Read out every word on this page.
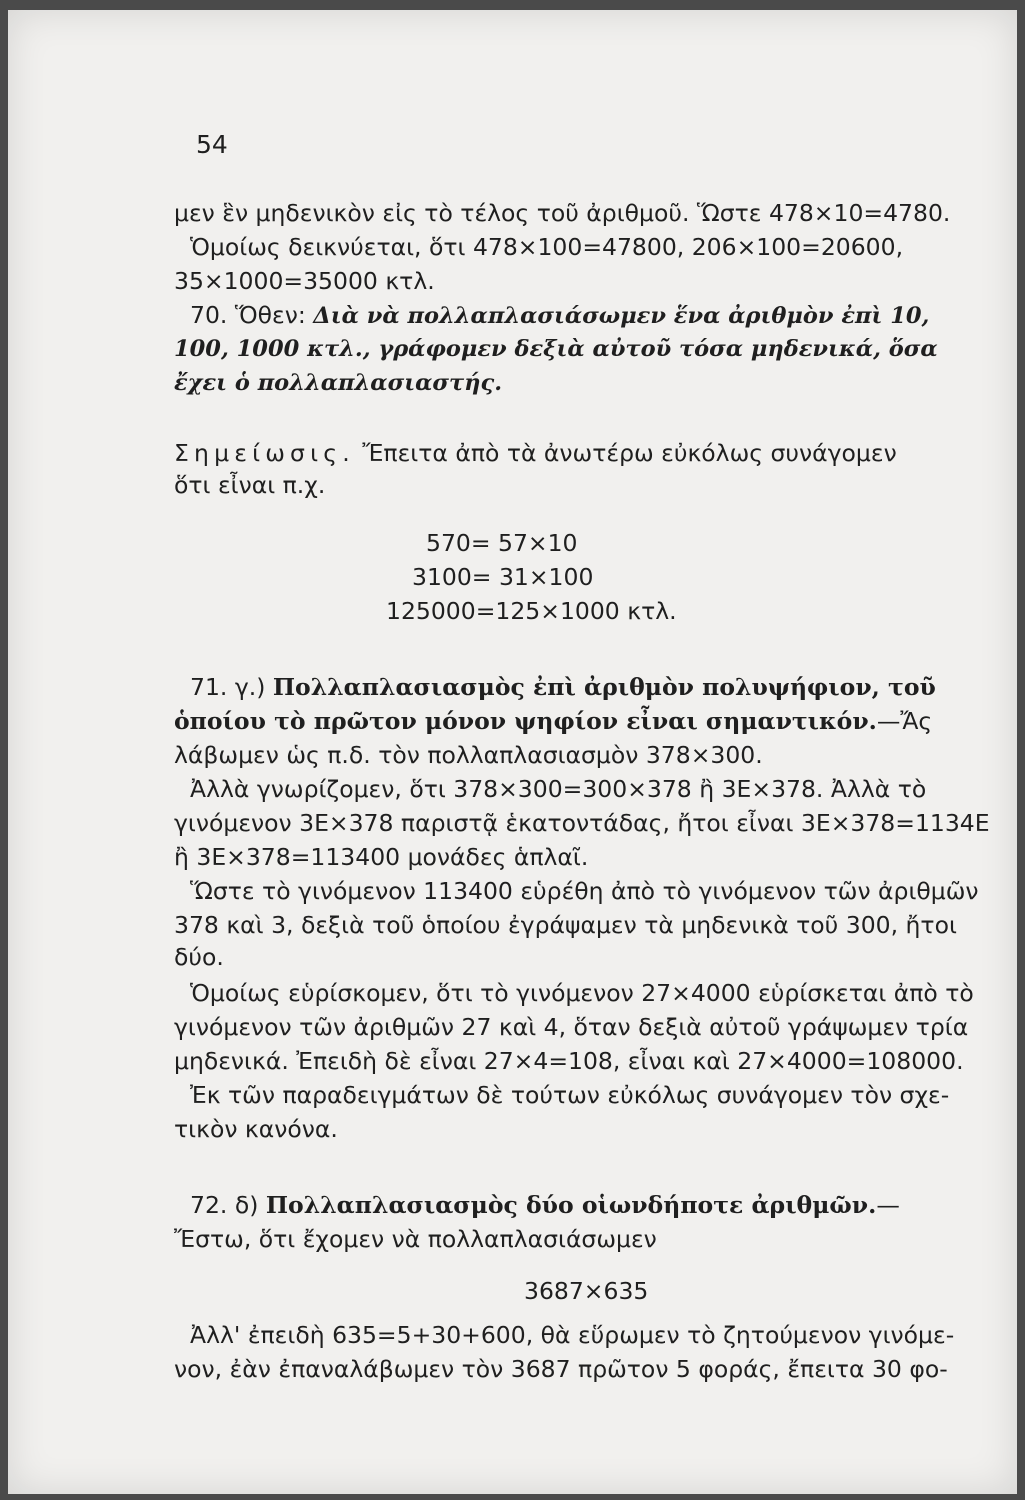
54
μεν ἓν μηδενικὸν εἰς τὸ τέλος τοῦ ἀριθμοῦ. Ὥστε 478×10=4780.
Ὁμοίως δεικνύεται, ὅτι 478×100=47800, 206×100=20600,
35×1000=35000 κτλ.
70. Ὅθεν: Διὰ νὰ πολλαπλασιάσωμεν ἕνα ἀριθμὸν ἐπὶ 10,
100, 1000 κτλ., γράφομεν δεξιὰ αὐτοῦ τόσα μηδενικά, ὅσα
ἔχει ὁ πολλαπλασιαστής.
Σημείωσις. Ἔπειτα ἀπὸ τὰ ἀνωτέρω εὐκόλως συνάγομεν
ὅτι εἶναι π.χ.
570= 57×10
3100= 31×100
125000=125×1000 κτλ.
71. γ.) Πολλαπλασιασμὸς ἐπὶ ἀριθμὸν πολυψήφιον, τοῦ
ὁποίου τὸ πρῶτον μόνον ψηφίον εἶναι σημαντικόν.—Ἄς
λάβωμεν ὡς π.δ. τὸν πολλαπλασιασμὸν 378×300.
Ἀλλὰ γνωρίζομεν, ὅτι 378×300=300×378 ἢ 3Ε×378. Ἀλλὰ τὸ
γινόμενον 3Ε×378 παριστᾷ ἑκατοντάδας, ἤτοι εἶναι 3Ε×378=1134Ε
ἢ 3Ε×378=113400 μονάδες ἁπλαῖ.
Ὥστε τὸ γινόμενον 113400 εὑρέθη ἀπὸ τὸ γινόμενον τῶν ἀριθμῶν
378 καὶ 3, δεξιὰ τοῦ ὁποίου ἐγράψαμεν τὰ μηδενικὰ τοῦ 300, ἤτοι
δύο.
Ὁμοίως εὑρίσκομεν, ὅτι τὸ γινόμενον 27×4000 εὑρίσκεται ἀπὸ τὸ
γινόμενον τῶν ἀριθμῶν 27 καὶ 4, ὅταν δεξιὰ αὐτοῦ γράψωμεν τρία
μηδενικά. Ἐπειδὴ δὲ εἶναι 27×4=108, εἶναι καὶ 27×4000=108000.
Ἐκ τῶν παραδειγμάτων δὲ τούτων εὐκόλως συνάγομεν τὸν σχε-
τικὸν κανόνα.
72. δ) Πολλαπλασιασμὸς δύο οἱωνδήποτε ἀριθμῶν.—
Ἔστω, ὅτι ἔχομεν νὰ πολλαπλασιάσωμεν
3687×635
Ἀλλ' ἐπειδὴ 635=5+30+600, θὰ εὕρωμεν τὸ ζητούμενον γινόμε-
νον, ἐὰν ἐπαναλάβωμεν τὸν 3687 πρῶτον 5 φοράς, ἔπειτα 30 φο-
